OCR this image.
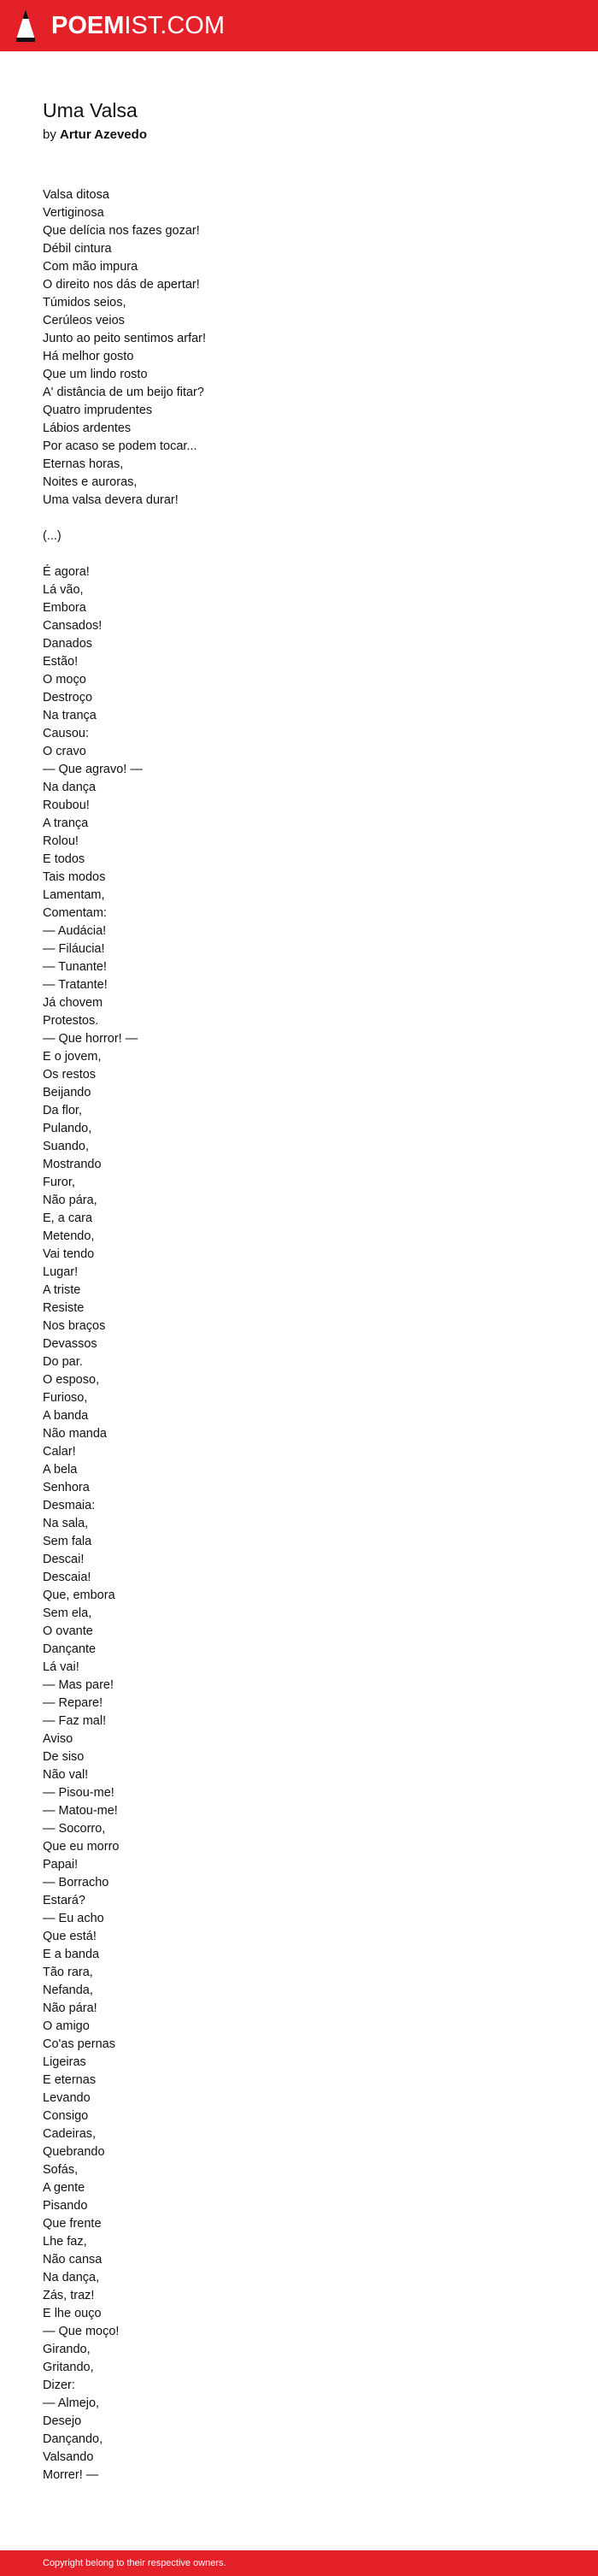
POEMIST.COM
Uma Valsa
by Artur Azevedo
Valsa ditosa
Vertiginosa
Que delícia nos fazes gozar!
Débil cintura
Com mão impura
O direito nos dás de apertar!
Túmidos seios,
Cerúleos veios
Junto ao peito sentimos arfar!
Há melhor gosto
Que um lindo rosto
A' distância de um beijo fitar?
Quatro imprudentes
Lábios ardentes
Por acaso se podem tocar...
Eternas horas,
Noites e auroras,
Uma valsa devera durar!
(...)
É agora!
Lá vão,
Embora
Cansados!
Danados
Estão!
O moço
Destroço
Na trança
Causou:
O cravo
— Que agravo! —
Na dança
Roubou!
A trança
Rolou!
E todos
Tais modos
Lamentam,
Comentam:
— Audácia!
— Filáucia!
— Tunante!
— Tratante!
Já chovem
Protestos.
— Que horror! —
E o jovem,
Os restos
Beijando
Da flor,
Pulando,
Suando,
Mostrando
Furor,
Não pára,
E, a cara
Metendo,
Vai tendo
Lugar!
A triste
Resiste
Nos braços
Devassos
Do par.
O esposo,
Furioso,
A banda
Não manda
Calar!
A bela
Senhora
Desmaia:
Na sala,
Sem fala
Descai!
Descaia!
Que, embora
Sem ela,
O ovante
Dançante
Lá vai!
— Mas pare!
— Repare!
— Faz mal!
Aviso
De siso
Não val!
— Pisou-me!
— Matou-me!
— Socorro,
Que eu morro
Papai!
— Borracho
Estará?
— Eu acho
Que está!
E a banda
Tão rara,
Nefanda,
Não pára!
O amigo
Co'as pernas
Ligeiras
E eternas
Levando
Consigo
Cadeiras,
Quebrando
Sofás,
A gente
Pisando
Que frente
Lhe faz,
Não cansa
Na dança,
Zás, traz!
E lhe ouço
— Que moço!
Girando,
Gritando,
Dizer:
— Almejo,
Desejo
Dançando,
Valsando
Morrer! —
Copyright belong to their respective owners.
